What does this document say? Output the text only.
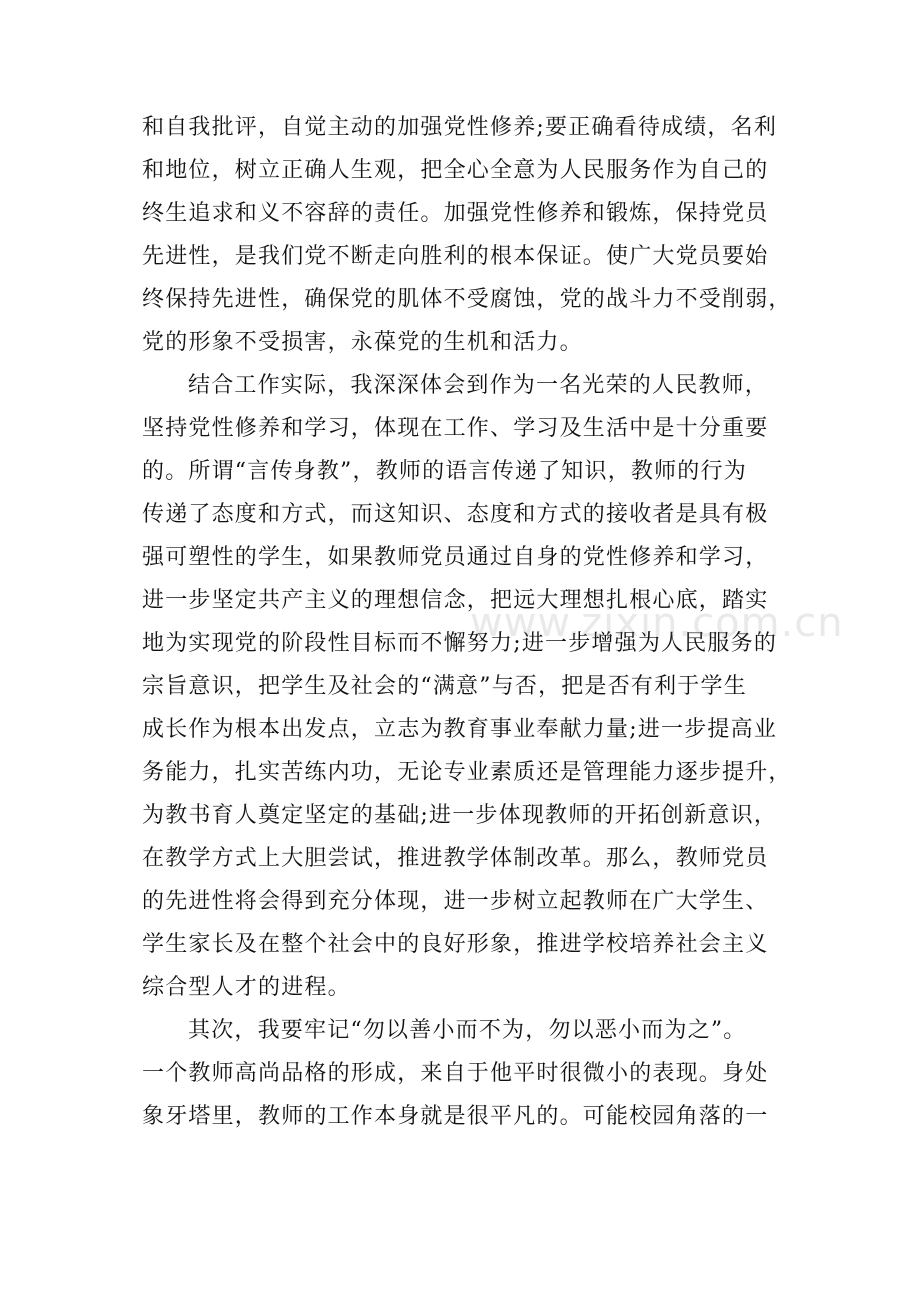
和自我批评，自觉主动的加强党性修养;要正确看待成绩，名利
和地位，树立正确人生观，把全心全意为人民服务作为自己的
终生追求和义不容辞的责任。加强党性修养和锻炼，保持党员
先进性，是我们党不断走向胜利的根本保证。使广大党员要始
终保持先进性，确保党的肌体不受腐蚀，党的战斗力不受削弱，
党的形象不受损害，永葆党的生机和活力。
结合工作实际，我深深体会到作为一名光荣的人民教师，
坚持党性修养和学习，体现在工作、学习及生活中是十分重要
的。所谓“言传身教”，教师的语言传递了知识，教师的行为
传递了态度和方式，而这知识、态度和方式的接收者是具有极
强可塑性的学生，如果教师党员通过自身的党性修养和学习，
进一步坚定共产主义的理想信念，把远大理想扎根心底，踏实
地为实现党的阶段性目标而不懈努力;进一步增强为人民服务的
宗旨意识，把学生及社会的“满意”与否，把是否有利于学生
成长作为根本出发点，立志为教育事业奉献力量;进一步提高业
务能力，扎实苦练内功，无论专业素质还是管理能力逐步提升，
为教书育人奠定坚定的基础;进一步体现教师的开拓创新意识，
在教学方式上大胆尝试，推进教学体制改革。那么，教师党员
的先进性将会得到充分体现，进一步树立起教师在广大学生、
学生家长及在整个社会中的良好形象，推进学校培养社会主义
综合型人才的进程。
其次，我要牢记“勿以善小而不为，勿以恶小而为之”。
一个教师高尚品格的形成，来自于他平时很微小的表现。身处
象牙塔里，教师的工作本身就是很平凡的。可能校园角落的一
www.zixin.com.cn
